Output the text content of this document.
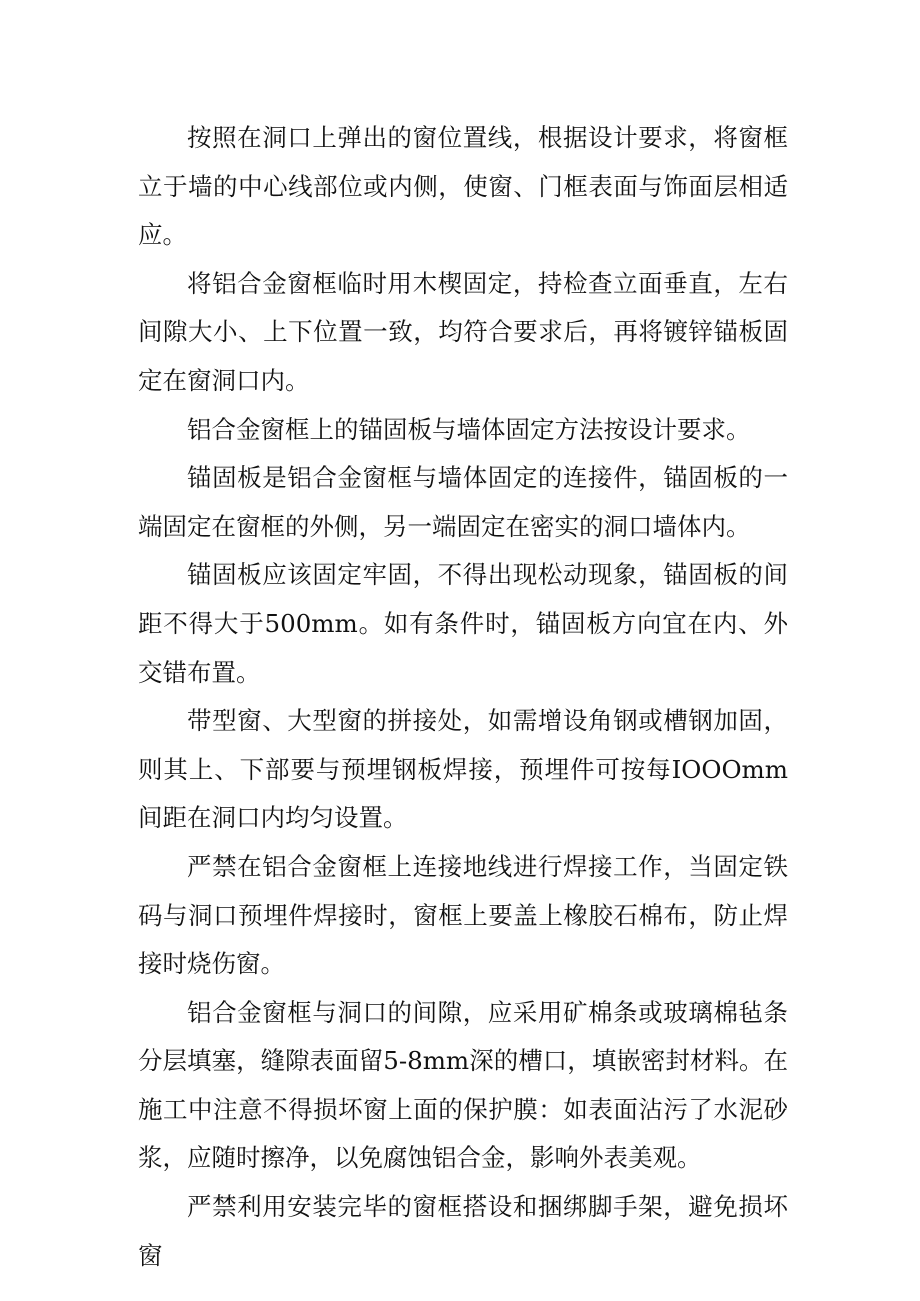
按照在洞口上弹出的窗位置线，根据设计要求，将窗框立于墙的中心线部位或内侧，使窗、门框表面与饰面层相适应。

将铝合金窗框临时用木楔固定，持检查立面垂直，左右间隙大小、上下位置一致，均符合要求后，再将镀锌锚板固定在窗洞口内。

铝合金窗框上的锚固板与墙体固定方法按设计要求。

锚固板是铝合金窗框与墙体固定的连接件，锚固板的一端固定在窗框的外侧，另一端固定在密实的洞口墙体内。

锚固板应该固定牢固，不得出现松动现象，锚固板的间距不得大于500mm。如有条件时，锚固板方向宜在内、外交错布置。

带型窗、大型窗的拼接处，如需增设角钢或槽钢加固，则其上、下部要与预埋钢板焊接，预埋件可按每IOOOmm间距在洞口内均匀设置。

严禁在铝合金窗框上连接地线进行焊接工作，当固定铁码与洞口预埋件焊接时，窗框上要盖上橡胶石棉布，防止焊接时烧伤窗。

铝合金窗框与洞口的间隙，应采用矿棉条或玻璃棉毡条分层填塞，缝隙表面留5-8mm深的槽口，填嵌密封材料。在施工中注意不得损坏窗上面的保护膜：如表面沾污了水泥砂浆，应随时擦净，以免腐蚀铝合金，影响外表美观。

严禁利用安装完毕的窗框搭设和捆绑脚手架，避免损坏窗
